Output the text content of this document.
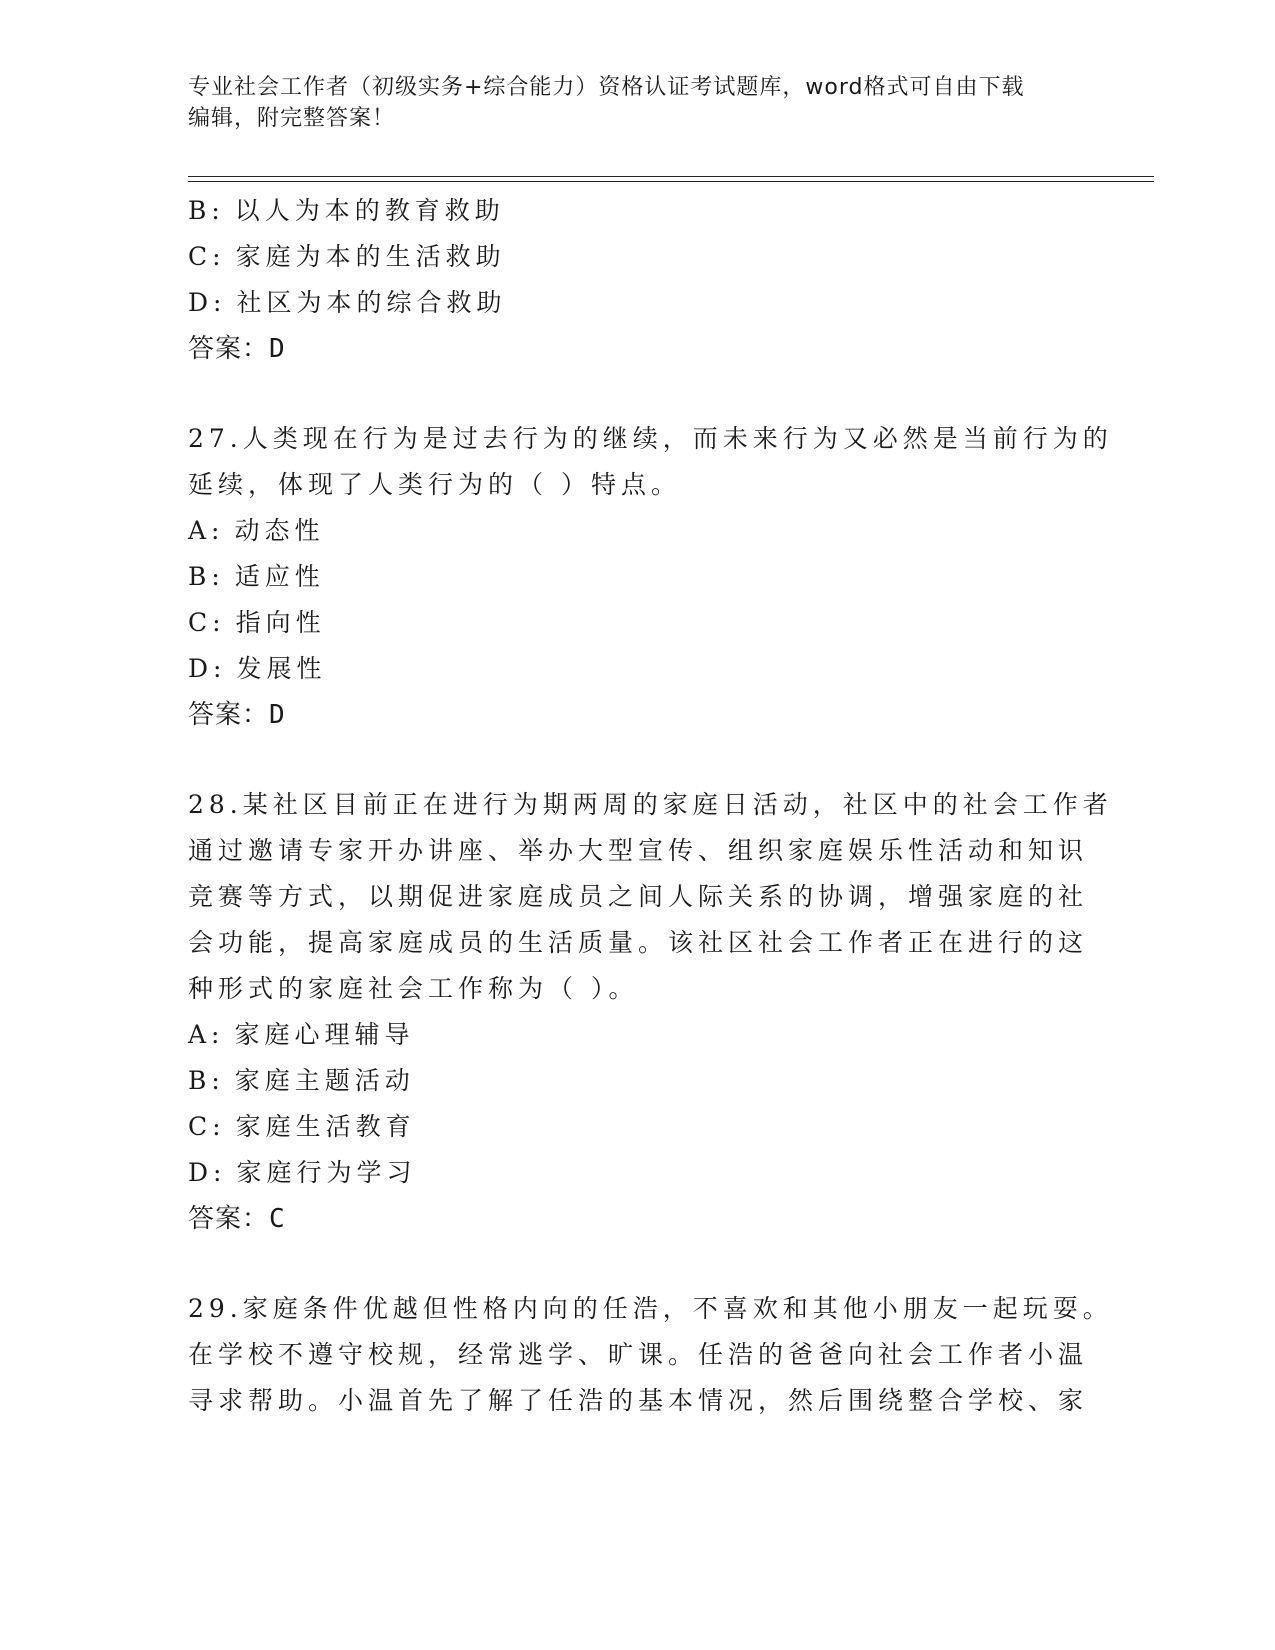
专业社会工作者（初级实务+综合能力）资格认证考试题库，word格式可自由下载
编辑，附完整答案！
B: 以人为本的教育救助
C: 家庭为本的生活救助
D: 社区为本的综合救助
答案：D
27.人类现在行为是过去行为的继续，而未来行为又必然是当前行为的
延续，体现了人类行为的（ ）特点。
A: 动态性
B: 适应性
C: 指向性
D: 发展性
答案：D
28.某社区目前正在进行为期两周的家庭日活动，社区中的社会工作者
通过邀请专家开办讲座、举办大型宣传、组织家庭娱乐性活动和知识
竞赛等方式，以期促进家庭成员之间人际关系的协调，增强家庭的社
会功能，提高家庭成员的生活质量。该社区社会工作者正在进行的这
种形式的家庭社会工作称为（ ）。
A: 家庭心理辅导
B: 家庭主题活动
C: 家庭生活教育
D: 家庭行为学习
答案：C
29.家庭条件优越但性格内向的任浩，不喜欢和其他小朋友一起玩耍。
在学校不遵守校规，经常逃学、旷课。任浩的爸爸向社会工作者小温
寻求帮助。小温首先了解了任浩的基本情况，然后围绕整合学校、家
